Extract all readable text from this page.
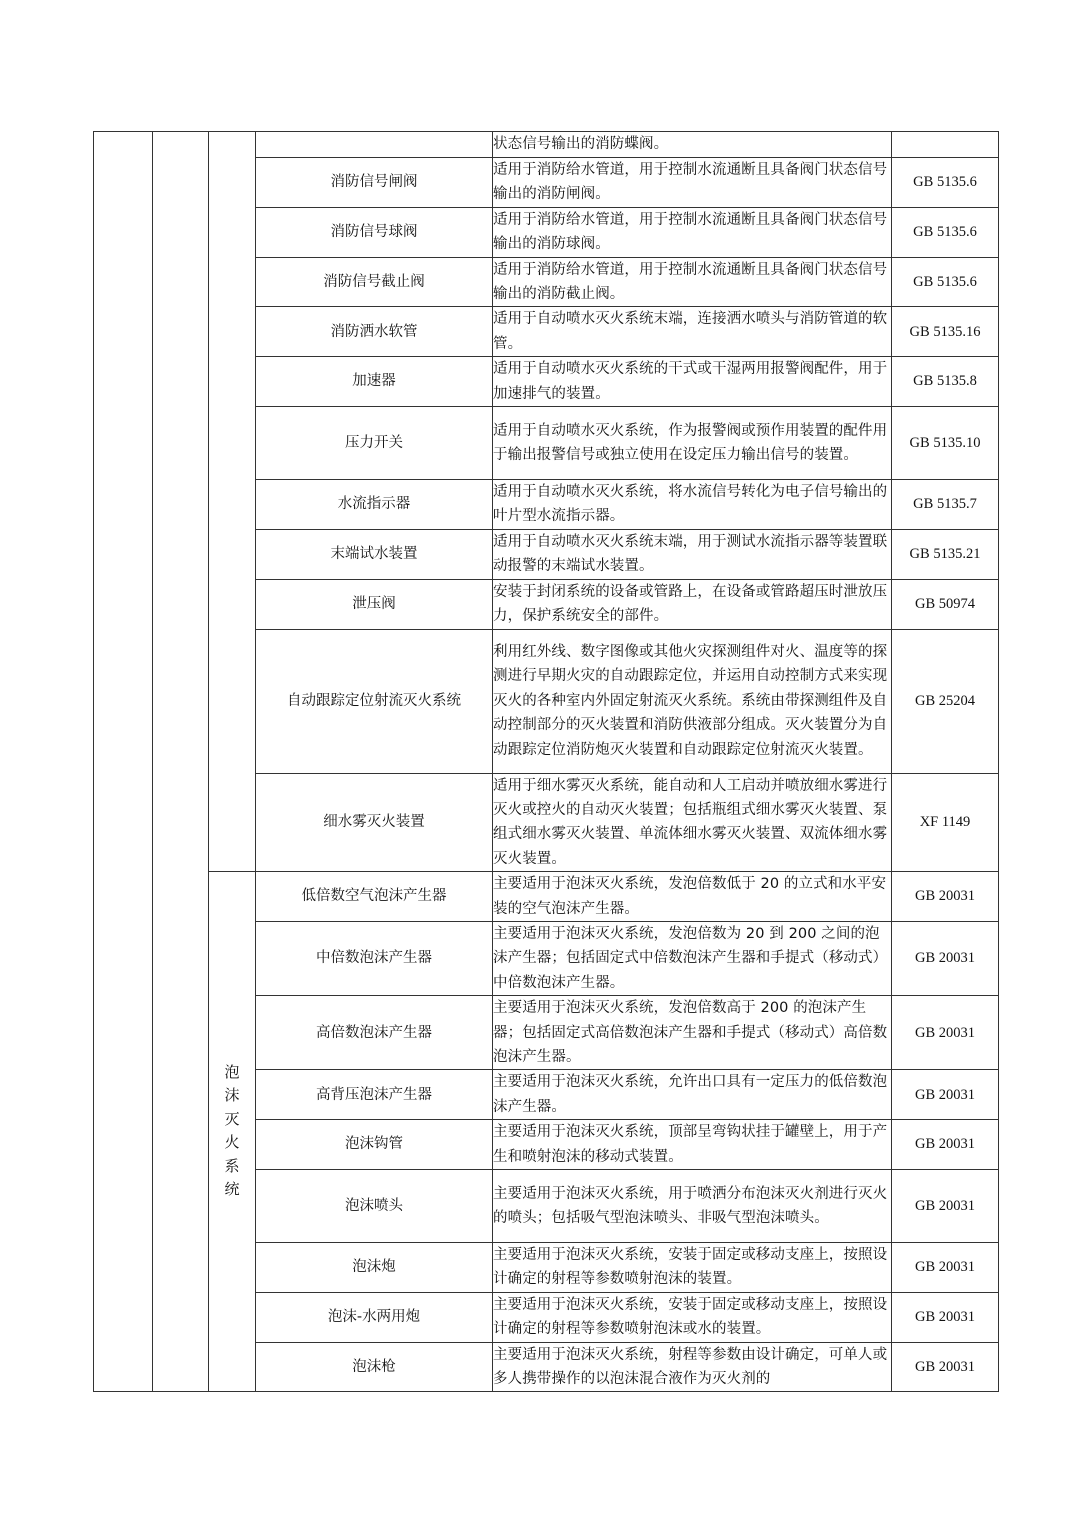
				状态信号输出的消防蝶阀。	
			消防信号闸阀	适用于消防给水管道，用于控制水流通断且具备阀门状态信号输出的消防闸阀。	GB 5135.6
			消防信号球阀	适用于消防给水管道，用于控制水流通断且具备阀门状态信号输出的消防球阀。	GB 5135.6
			消防信号截止阀	适用于消防给水管道，用于控制水流通断且具备阀门状态信号输出的消防截止阀。	GB 5135.6
			消防洒水软管	适用于自动喷水灭火系统末端，连接洒水喷头与消防管道的软管。	GB 5135.16
			加速器	适用于自动喷水灭火系统的干式或干湿两用报警阀配件，用于加速排气的装置。	GB 5135.8
			压力开关	适用于自动喷水灭火系统，作为报警阀或预作用装置的配件用于输出报警信号或独立使用在设定压力输出信号的装置。	GB 5135.10
			水流指示器	适用于自动喷水灭火系统，将水流信号转化为电子信号输出的叶片型水流指示器。	GB 5135.7
			末端试水装置	适用于自动喷水灭火系统末端，用于测试水流指示器等装置联动报警的末端试水装置。	GB 5135.21
			泄压阀	安装于封闭系统的设备或管路上，在设备或管路超压时泄放压力，保护系统安全的部件。	GB 50974
			自动跟踪定位射流灭火系统	利用红外线、数字图像或其他火灾探测组件对火、温度等的探测进行早期火灾的自动跟踪定位，并运用自动控制方式来实现灭火的各种室内外固定射流灭火系统。系统由带探测组件及自动控制部分的灭火装置和消防供液部分组成。灭火装置分为自动跟踪定位消防炮灭火装置和自动跟踪定位射流灭火装置。	GB 25204
			细水雾灭火装置	适用于细水雾灭火系统，能自动和人工启动并喷放细水雾进行灭火或控火的自动灭火装置；包括瓶组式细水雾灭火装置、泵组式细水雾灭火装置、单流体细水雾灭火装置、双流体细水雾灭火装置。	XF 1149
		泡沫灭火系统	低倍数空气泡沫产生器	主要适用于泡沫灭火系统，发泡倍数低于 20 的立式和水平安装的空气泡沫产生器。	GB 20031
			中倍数泡沫产生器	主要适用于泡沫灭火系统，发泡倍数为 20 到 200 之间的泡沫产生器；包括固定式中倍数泡沫产生器和手提式（移动式）中倍数泡沫产生器。	GB 20031
			高倍数泡沫产生器	主要适用于泡沫灭火系统，发泡倍数高于 200 的泡沫产生器；包括固定式高倍数泡沫产生器和手提式（移动式）高倍数泡沫产生器。	GB 20031
			高背压泡沫产生器	主要适用于泡沫灭火系统，允许出口具有一定压力的低倍数泡沫产生器。	GB 20031
			泡沫钩管	主要适用于泡沫灭火系统，顶部呈弯钩状挂于罐壁上，用于产生和喷射泡沫的移动式装置。	GB 20031
			泡沫喷头	主要适用于泡沫灭火系统，用于喷洒分布泡沫灭火剂进行灭火的喷头；包括吸气型泡沫喷头、非吸气型泡沫喷头。	GB 20031
			泡沫炮	主要适用于泡沫灭火系统，安装于固定或移动支座上，按照设计确定的射程等参数喷射泡沫的装置。	GB 20031
			泡沫-水两用炮	主要适用于泡沫灭火系统，安装于固定或移动支座上，按照设计确定的射程等参数喷射泡沫或水的装置。	GB 20031
			泡沫枪	主要适用于泡沫灭火系统，射程等参数由设计确定，可单人或多人携带操作的以泡沫混合液作为灭火剂的	GB 20031
